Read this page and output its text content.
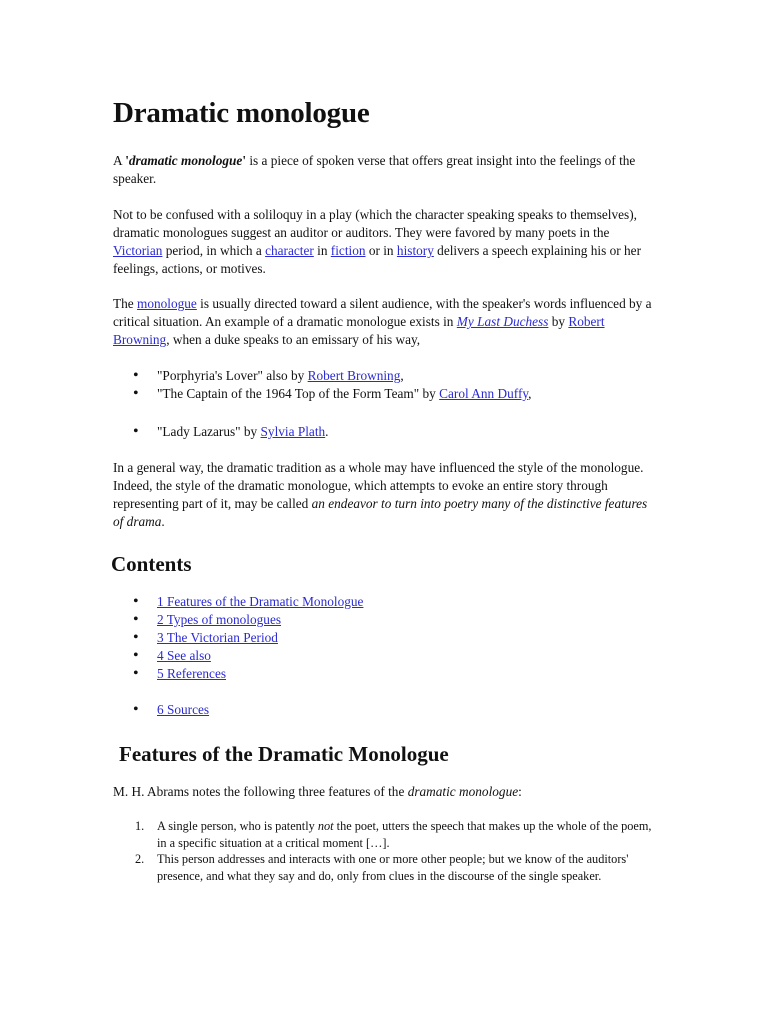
Dramatic monologue

A 'dramatic monologue' is a piece of spoken verse that offers great insight into the feelings of the speaker.

Not to be confused with a soliloquy in a play (which the character speaking speaks to themselves), dramatic monologues suggest an auditor or auditors. They were favored by many poets in the Victorian period, in which a character in fiction or in history delivers a speech explaining his or her feelings, actions, or motives.

The monologue is usually directed toward a silent audience, with the speaker's words influenced by a critical situation. An example of a dramatic monologue exists in My Last Duchess by Robert Browning, when a duke speaks to an emissary of his way,

• "Porphyria's Lover" also by Robert Browning,
• "The Captain of the 1964 Top of the Form Team" by Carol Ann Duffy,
• "Lady Lazarus" by Sylvia Plath.

In a general way, the dramatic tradition as a whole may have influenced the style of the monologue. Indeed, the style of the dramatic monologue, which attempts to evoke an entire story through representing part of it, may be called an endeavor to turn into poetry many of the distinctive features of drama.

Contents
• 1 Features of the Dramatic Monologue
• 2 Types of monologues
• 3 The Victorian Period
• 4 See also
• 5 References
• 6 Sources
Features of the Dramatic Monologue

M. H. Abrams notes the following three features of the dramatic monologue:

1. A single person, who is patently not the poet, utters the speech that makes up the whole of the poem, in a specific situation at a critical moment […].
2. This person addresses and interacts with one or more other people; but we know of the auditors' presence, and what they say and do, only from clues in the discourse of the single speaker.
